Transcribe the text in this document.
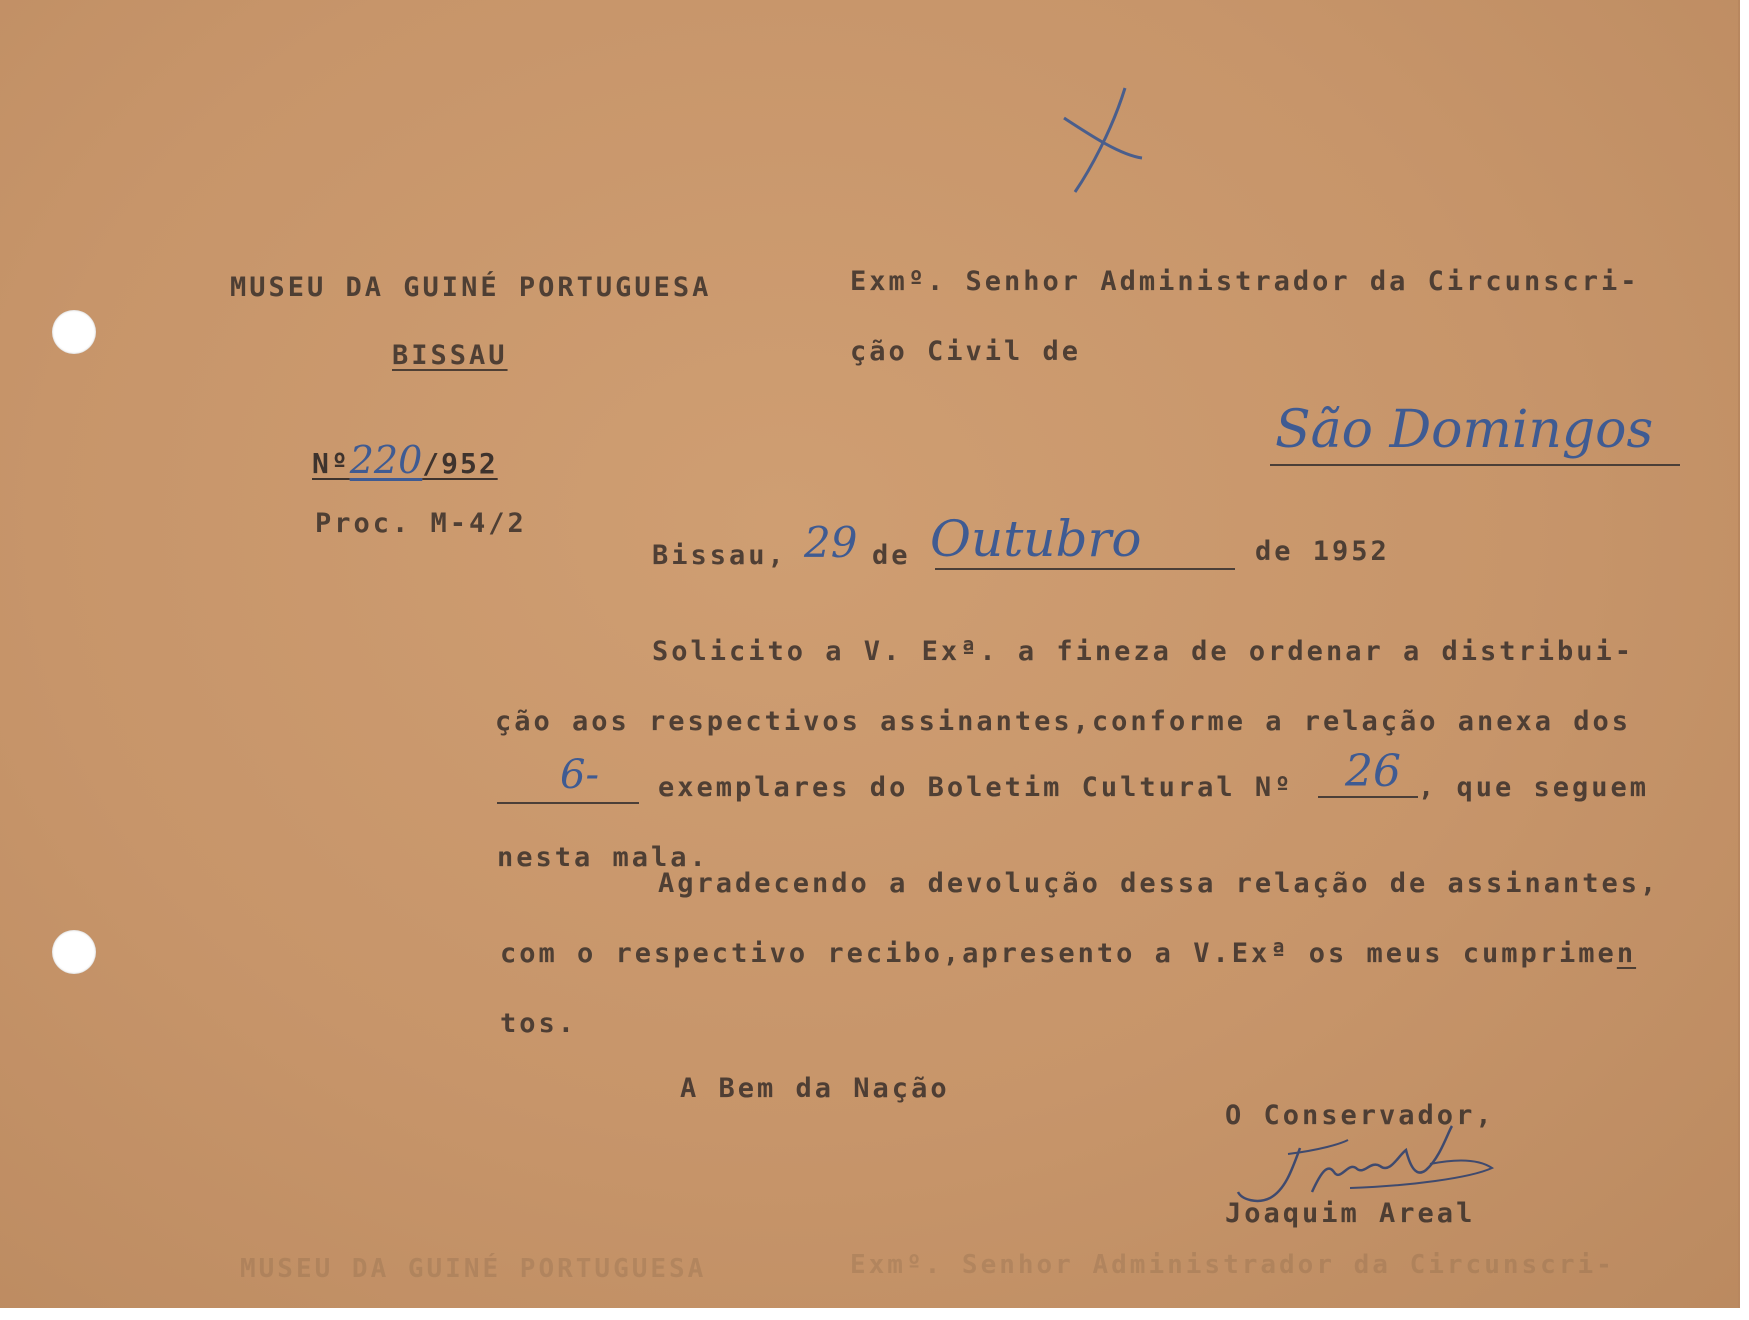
MUSEU DA GUINÉ PORTUGUESA
BISSAU
Nº220/952
Proc. M-4/2
Exmº. Senhor Administrador da Circunscri-
ção Civil de
São Domingos
Bissau, 29 de Outubro	de 1952
Solicito a V. Exª. a fineza de ordenar a distribui-
ção aos respectivos assinantes,conforme a relação anexa dos
6- exemplares do Boletim Cultural Nº 26 , que seguem
nesta mala.
Agradecendo a devolução dessa relação de assinantes,
com o respectivo recibo,apresento a V.Exª os meus cumprimen
tos.
A Bem da Nação
O Conservador,
Joaquim Areal
MUSEU DA GUINÉ PORTUGUESA	Exmº. Senhor Administrador da Circunscri-
